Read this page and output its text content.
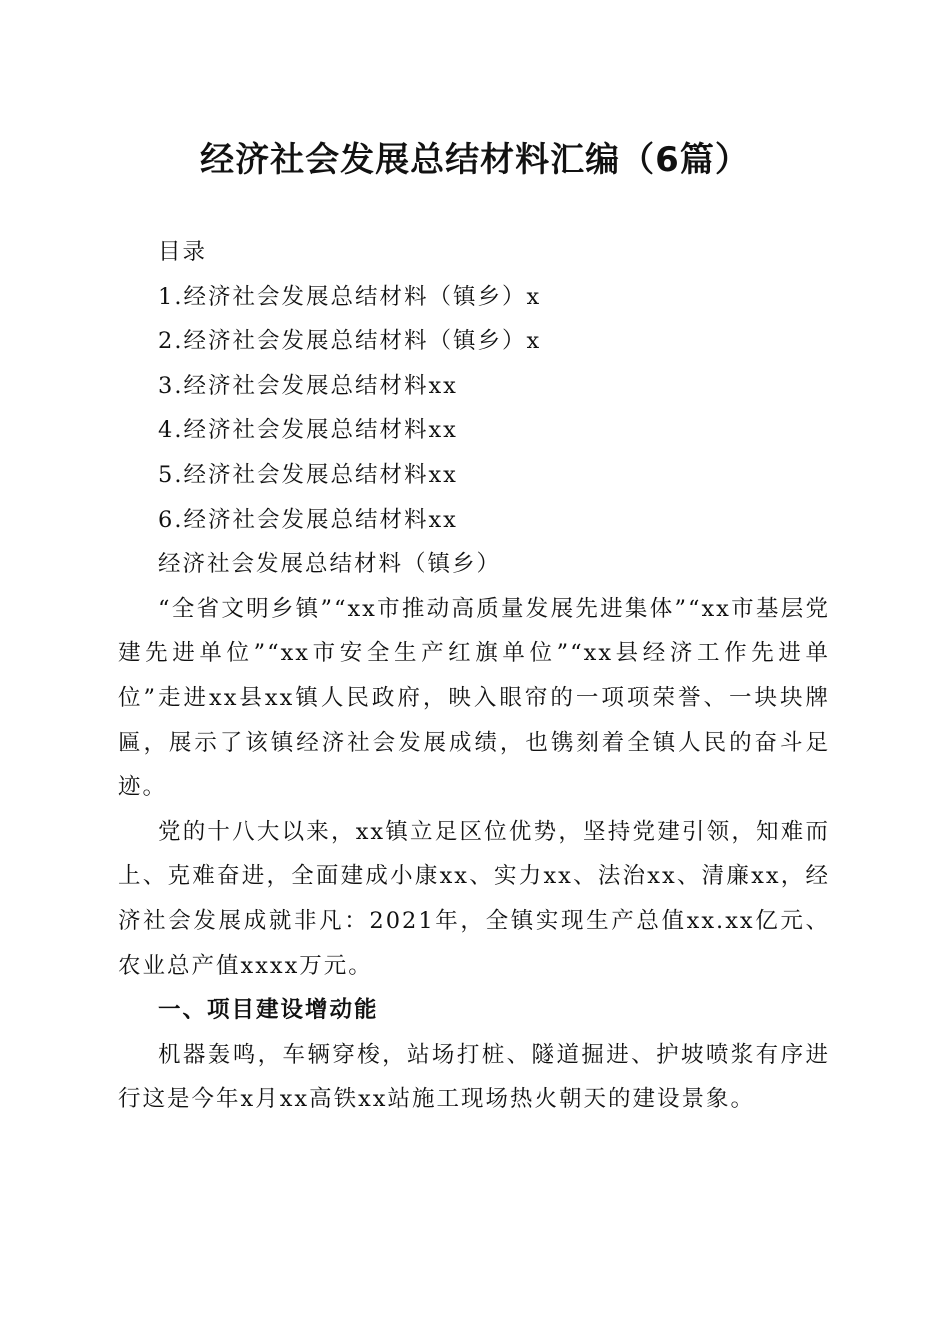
经济社会发展总结材料汇编（6篇）

目录

1.经济社会发展总结材料（镇乡）x

2.经济社会发展总结材料（镇乡）x

3.经济社会发展总结材料xx

4.经济社会发展总结材料xx

5.经济社会发展总结材料xx

6.经济社会发展总结材料xx

经济社会发展总结材料（镇乡）

“全省文明乡镇”“xx市推动高质量发展先进集体”“xx市基层党建先进单位”“xx市安全生产红旗单位”“xx县经济工作先进单位”走进xx县xx镇人民政府，映入眼帘的一项项荣誉、一块块牌匾，展示了该镇经济社会发展成绩，也镌刻着全镇人民的奋斗足迹。

党的十八大以来，xx镇立足区位优势，坚持党建引领，知难而上、克难奋进，全面建成小康xx、实力xx、法治xx、清廉xx，经济社会发展成就非凡：2021年，全镇实现生产总值xx.xx亿元、农业总产值xxxx万元。

一、项目建设增动能

机器轰鸣，车辆穿梭，站场打桩、隧道掘进、护坡喷浆有序进行这是今年x月xx高铁xx站施工现场热火朝天的建设景象。
